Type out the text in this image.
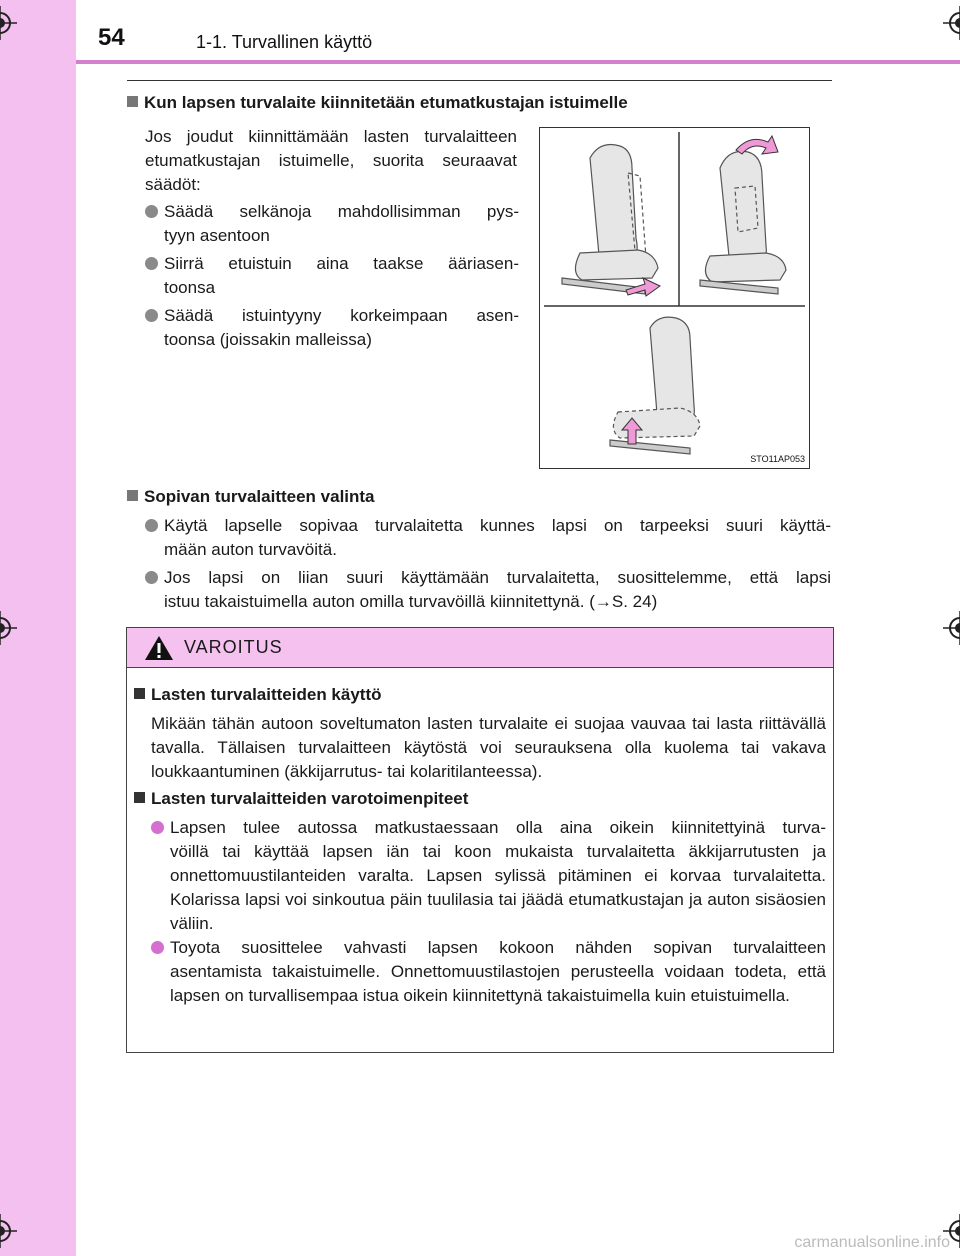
54	1-1. Turvallinen käyttö
Kun lapsen turvalaite kiinnitetään etumatkustajan istuimelle
Jos joudut kiinnittämään lasten turvalaitteen etumatkustajan istuimelle, suorita seuraavat säädöt:
Säädä selkänoja mahdollisimman pys-
tyyn asentoon
Siirrä etuistuin aina taakse ääriasen-
toonsa
Säädä istuintyyny korkeimpaan asen-
toonsa (joissakin malleissa)
STO11AP053
Sopivan turvalaitteen valinta
Käytä lapselle sopivaa turvalaitetta kunnes lapsi on tarpeeksi suuri käyttä-
mään auton turvavöitä.
Jos lapsi on liian suuri käyttämään turvalaitetta, suosittelemme, että lapsi
istuu takaistuimella auton omilla turvavöillä kiinnitettynä. (→S. 24)
VAROITUS
Lasten turvalaitteiden käyttö
Mikään tähän autoon soveltumaton lasten turvalaite ei suojaa vauvaa tai lasta riittävällä tavalla. Tällaisen turvalaitteen käytöstä voi seurauksena olla kuolema tai vakava loukkaantuminen (äkkijarrutus- tai kolaritilanteessa).
Lasten turvalaitteiden varotoimenpiteet
Lapsen tulee autossa matkustaessaan olla aina oikein kiinnitettyinä turva-
vöillä tai käyttää lapsen iän tai koon mukaista turvalaitetta äkkijarrutusten ja onnettomuustilanteiden varalta. Lapsen sylissä pitäminen ei korvaa turvalaitetta. Kolarissa lapsi voi sinkoutua päin tuulilasia tai jäädä etumatkustajan ja auton sisäosien väliin.
Toyota suosittelee vahvasti lapsen kokoon nähden sopivan turvalaitteen
asentamista takaistuimelle. Onnettomuustilastojen perusteella voidaan todeta, että lapsen on turvallisempaa istua oikein kiinnitettynä takaistuimella kuin etuistuimella.
carmanualsonline.info
